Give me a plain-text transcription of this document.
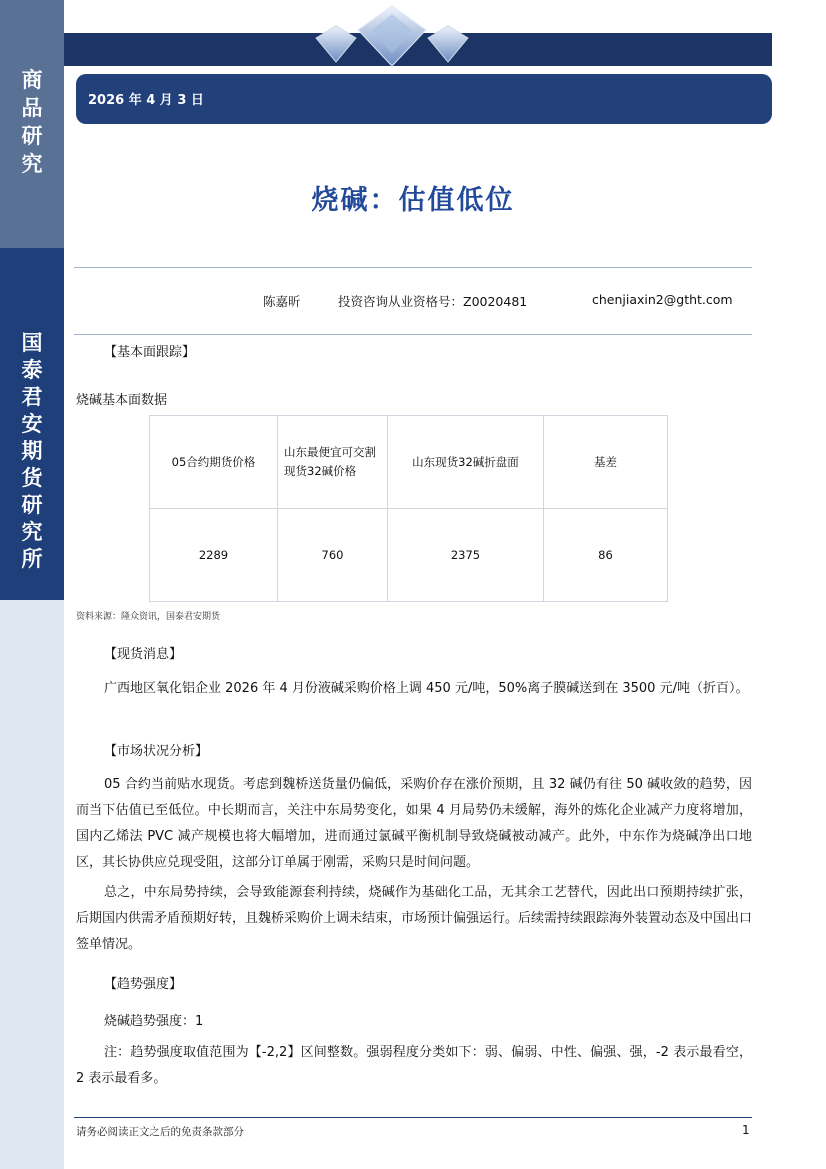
商
品
研
究
国
泰
君
安
期
货
研
究
所
2026 年 4 月 3 日
烧碱：估值低位
陈嘉昕	投资咨询从业资格号：Z0020481	chenjiaxin2@gtht.com
【基本面跟踪】
烧碱基本面数据
05合约期货价格	山东最便宜可交割现货32碱价格	山东现货32碱折盘面	基差
2289	760	2375	86
资料来源：隆众资讯，国泰君安期货
【现货消息】
广西地区氧化铝企业 2026 年 4 月份液碱采购价格上调 450 元/吨，50%离子膜碱送到在 3500 元/吨（折百）。
【市场状况分析】
05 合约当前贴水现货。考虑到魏桥送货量仍偏低，采购价存在涨价预期，且 32 碱仍有往 50 碱收敛的趋势，因而当下估值已至低位。中长期而言，关注中东局势变化，如果 4 月局势仍未缓解，海外的炼化企业减产力度将增加，国内乙烯法 PVC 减产规模也将大幅增加，进而通过氯碱平衡机制导致烧碱被动减产。此外，中东作为烧碱净出口地区，其长协供应兑现受阻，这部分订单属于刚需，采购只是时间问题。
总之，中东局势持续，会导致能源套利持续，烧碱作为基础化工品，无其余工艺替代，因此出口预期持续扩张，后期国内供需矛盾预期好转，且魏桥采购价上调未结束，市场预计偏强运行。后续需持续跟踪海外装置动态及中国出口签单情况。
【趋势强度】
烧碱趋势强度：1
注：趋势强度取值范围为【-2,2】区间整数。强弱程度分类如下：弱、偏弱、中性、偏强、强，-2 表示最看空，2 表示最看多。
请务必阅读正文之后的免责条款部分	1
